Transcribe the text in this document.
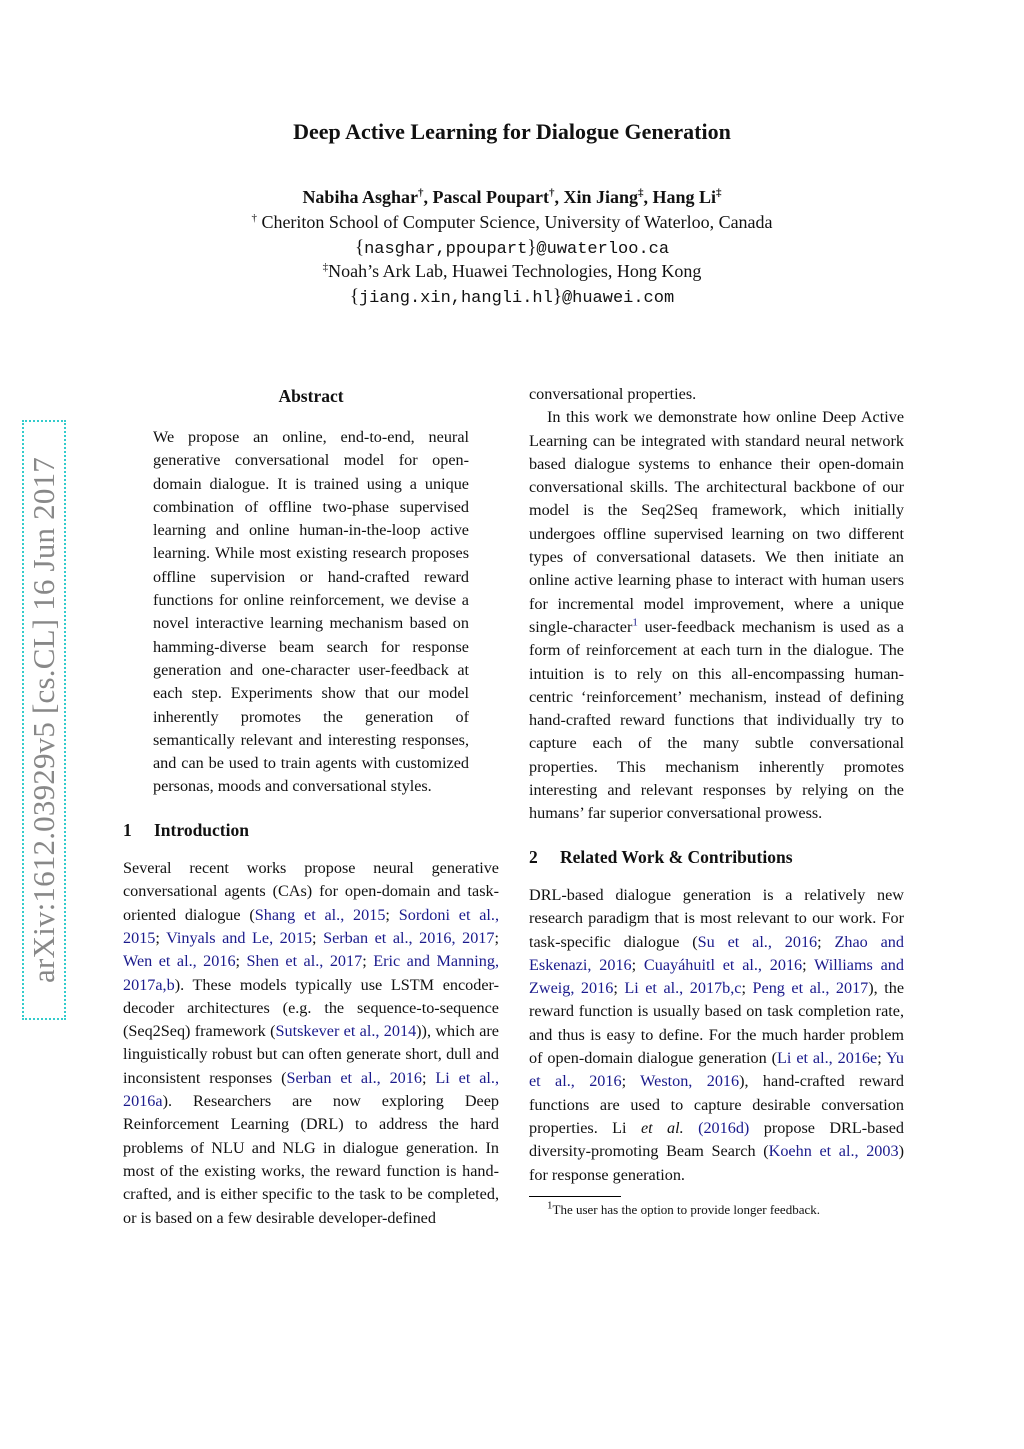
arXiv:1612.03929v5 [cs.CL] 16 Jun 2017
Deep Active Learning for Dialogue Generation
Nabiha Asghar†, Pascal Poupart†, Xin Jiang‡, Hang Li‡
† Cheriton School of Computer Science, University of Waterloo, Canada
{nasghar,ppoupart}@uwaterloo.ca
‡Noah’s Ark Lab, Huawei Technologies, Hong Kong
{jiang.xin,hangli.hl}@huawei.com
Abstract

We propose an online, end-to-end, neural generative conversational model for open-domain dialogue. It is trained using a unique combination of offline two-phase supervised learning and online human-in-the-loop active learning. While most existing research proposes offline supervision or hand-crafted reward functions for online reinforcement, we devise a novel interactive learning mechanism based on hamming-diverse beam search for response generation and one-character user-feedback at each step. Experiments show that our model inherently promotes the generation of semantically relevant and interesting responses, and can be used to train agents with customized personas, moods and conversational styles.

1	Introduction

Several recent works propose neural generative conversational agents (CAs) for open-domain and task-oriented dialogue (Shang et al., 2015; Sordoni et al., 2015; Vinyals and Le, 2015; Serban et al., 2016, 2017; Wen et al., 2016; Shen et al., 2017; Eric and Manning, 2017a,b). These models typically use LSTM encoder-decoder architectures (e.g. the sequence-to-sequence (Seq2Seq) framework (Sutskever et al., 2014)), which are linguistically robust but can often generate short, dull and inconsistent responses (Serban et al., 2016; Li et al., 2016a). Researchers are now exploring Deep Reinforcement Learning (DRL) to address the hard problems of NLU and NLG in dialogue generation. In most of the existing works, the reward function is hand-crafted, and is either specific to the task to be completed, or is based on a few desirable developer-defined

conversational properties.

In this work we demonstrate how online Deep Active Learning can be integrated with standard neural network based dialogue systems to enhance their open-domain conversational skills. The architectural backbone of our model is the Seq2Seq framework, which initially undergoes offline supervised learning on two different types of conversational datasets. We then initiate an online active learning phase to interact with human users for incremental model improvement, where a unique single-character$^1$ user-feedback mechanism is used as a form of reinforcement at each turn in the dialogue. The intuition is to rely on this all-encompassing human-centric ‘reinforcement’ mechanism, instead of defining hand-crafted reward functions that individually try to capture each of the many subtle conversational properties. This mechanism inherently promotes interesting and relevant responses by relying on the humans’ far superior conversational prowess.

2	Related Work & Contributions

DRL-based dialogue generation is a relatively new research paradigm that is most relevant to our work. For task-specific dialogue (Su et al., 2016; Zhao and Eskenazi, 2016; Cuayáhuitl et al., 2016; Williams and Zweig, 2016; Li et al., 2017b,c; Peng et al., 2017), the reward function is usually based on task completion rate, and thus is easy to define. For the much harder problem of open-domain dialogue generation (Li et al., 2016e; Yu et al., 2016; Weston, 2016), hand-crafted reward functions are used to capture desirable conversation properties. Li et al. (2016d) propose DRL-based diversity-promoting Beam Search (Koehn et al., 2003) for response generation.

$^1$The user has the option to provide longer feedback.
